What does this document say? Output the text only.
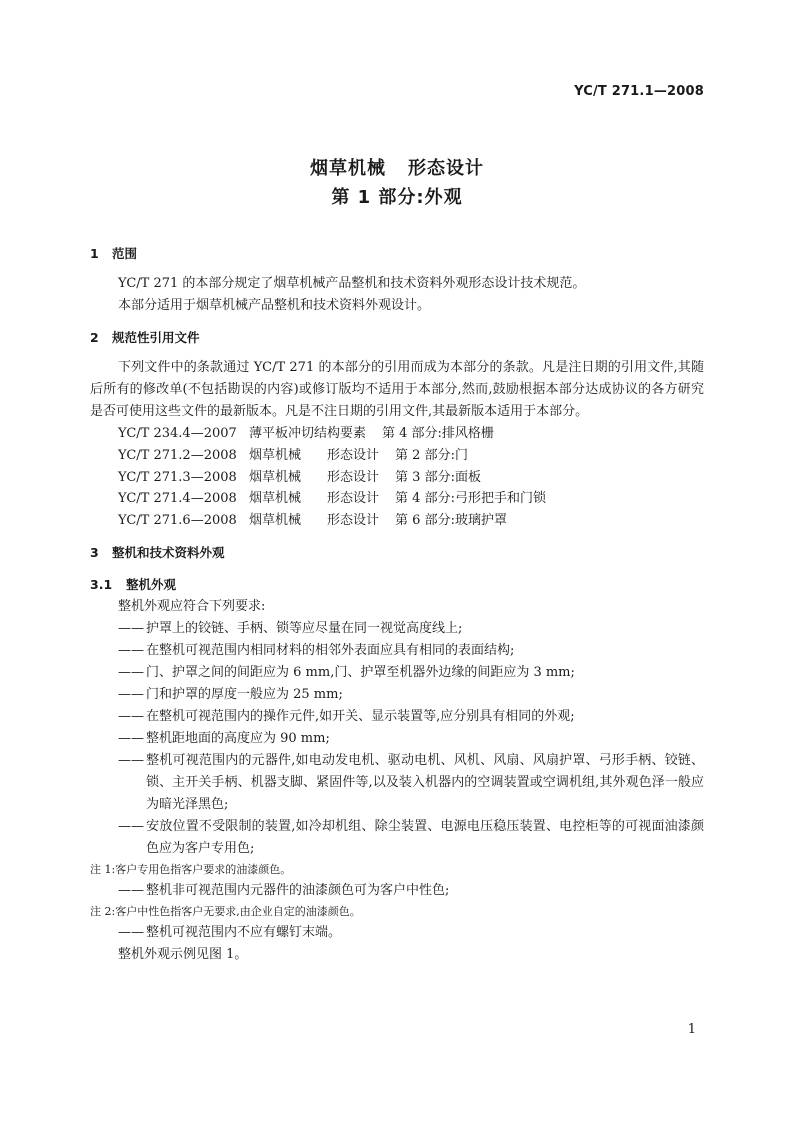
YC/T 271.1—2008
烟草机械 形态设计
第 1 部分:外观
1 范围
YC/T 271 的本部分规定了烟草机械产品整机和技术资料外观形态设计技术规范。
本部分适用于烟草机械产品整机和技术资料外观设计。
2 规范性引用文件
下列文件中的条款通过 YC/T 271 的本部分的引用而成为本部分的条款。凡是注日期的引用文件,其随后所有的修改单(不包括勘误的内容)或修订版均不适用于本部分,然而,鼓励根据本部分达成协议的各方研究是否可使用这些文件的最新版本。凡是不注日期的引用文件,其最新版本适用于本部分。
YC/T 234.4—2007 薄平板冲切结构要素 第 4 部分:排风格栅
YC/T 271.2—2008 烟草机械 形态设计 第 2 部分:门
YC/T 271.3—2008 烟草机械 形态设计 第 3 部分:面板
YC/T 271.4—2008 烟草机械 形态设计 第 4 部分:弓形把手和门锁
YC/T 271.6—2008 烟草机械 形态设计 第 6 部分:玻璃护罩
3 整机和技术资料外观
3.1 整机外观
整机外观应符合下列要求:
—— 护罩上的铰链、手柄、锁等应尽量在同一视觉高度线上;
—— 在整机可视范围内相同材料的相邻外表面应具有相同的表面结构;
—— 门、护罩之间的间距应为 6 mm,门、护罩至机器外边缘的间距应为 3 mm;
—— 门和护罩的厚度一般应为 25 mm;
—— 在整机可视范围内的操作元件,如开关、显示装置等,应分别具有相同的外观;
—— 整机距地面的高度应为 90 mm;
—— 整机可视范围内的元器件,如电动发电机、驱动电机、风机、风扇、风扇护罩、弓形手柄、铰链、锁、主开关手柄、机器支脚、紧固件等,以及装入机器内的空调装置或空调机组,其外观色泽一般应为暗光泽黑色;
—— 安放位置不受限制的装置,如冷却机组、除尘装置、电源电压稳压装置、电控柜等的可视面油漆颜色应为客户专用色;
注 1:客户专用色指客户要求的油漆颜色。
—— 整机非可视范围内元器件的油漆颜色可为客户中性色;
注 2:客户中性色指客户无要求,由企业自定的油漆颜色。
—— 整机可视范围内不应有螺钉末端。
整机外观示例见图 1。
1
